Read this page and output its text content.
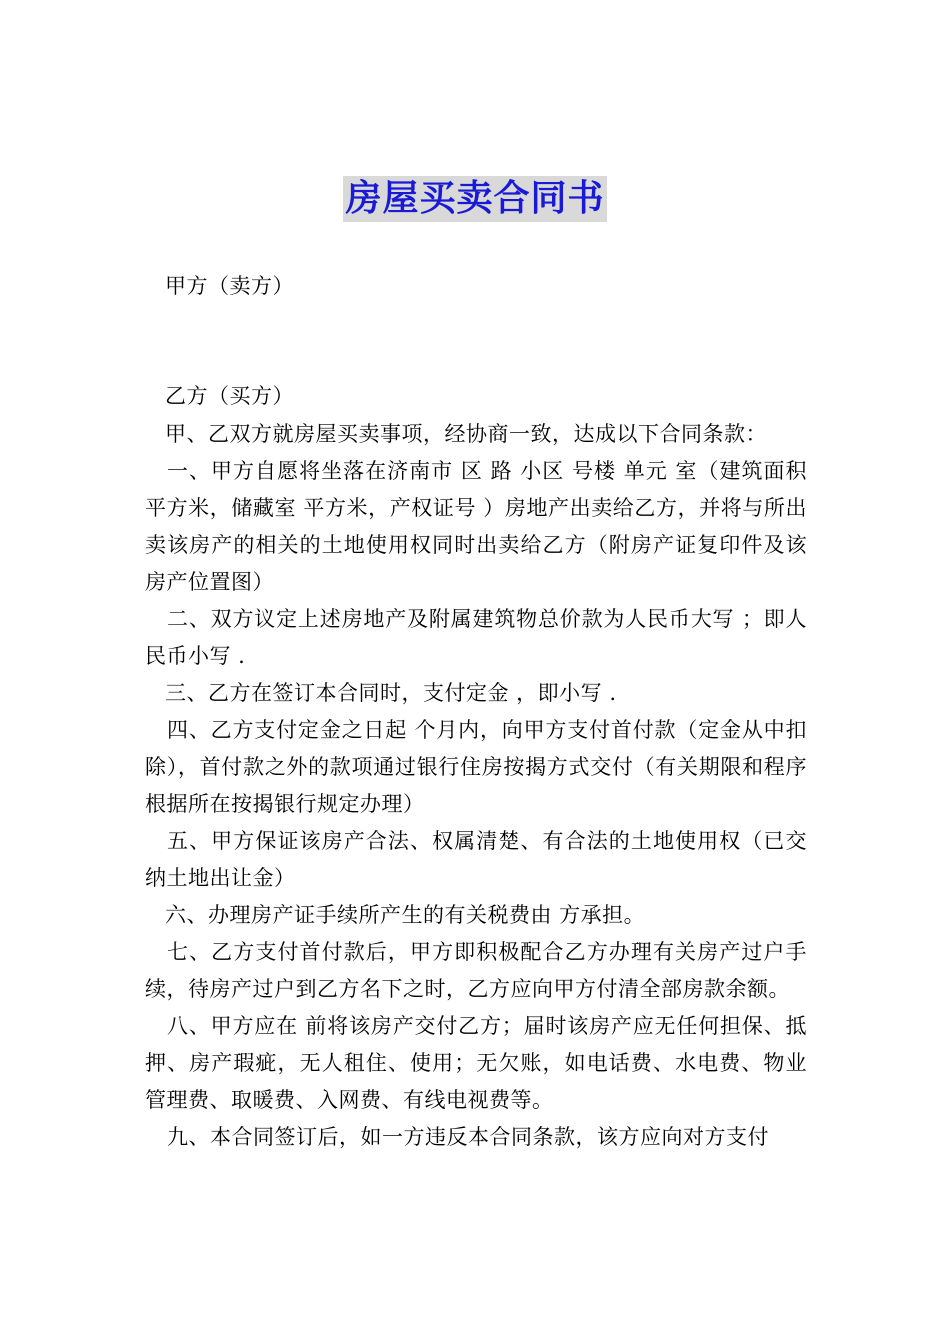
房屋买卖合同书

甲方（卖方）

乙方（买方）

甲、乙双方就房屋买卖事项，经协商一致，达成以下合同条款：

一、甲方自愿将坐落在济南市 区 路 小区 号楼 单元 室（建筑面积 平方米，储藏室 平方米，产权证号 ）房地产出卖给乙方，并将与所出卖该房产的相关的土地使用权同时出卖给乙方（附房产证复印件及该房产位置图）

二、双方议定上述房地产及附属建筑物总价款为人民币大写 ；即人民币小写 .

三、乙方在签订本合同时，支付定金 ，即小写 .

四、乙方支付定金之日起 个月内，向甲方支付首付款（定金从中扣除），首付款之外的款项通过银行住房按揭方式交付（有关期限和程序根据所在按揭银行规定办理）

五、甲方保证该房产合法、权属清楚、有合法的土地使用权（已交纳土地出让金）

六、办理房产证手续所产生的有关税费由 方承担。

七、乙方支付首付款后，甲方即积极配合乙方办理有关房产过户手续，待房产过户到乙方名下之时，乙方应向甲方付清全部房款余额。

八、甲方应在 前将该房产交付乙方；届时该房产应无任何担保、抵押、房产瑕疵，无人租住、使用；无欠账，如电话费、水电费、物业管理费、取暖费、入网费、有线电视费等。

九、本合同签订后，如一方违反本合同条款，该方应向对方支付
